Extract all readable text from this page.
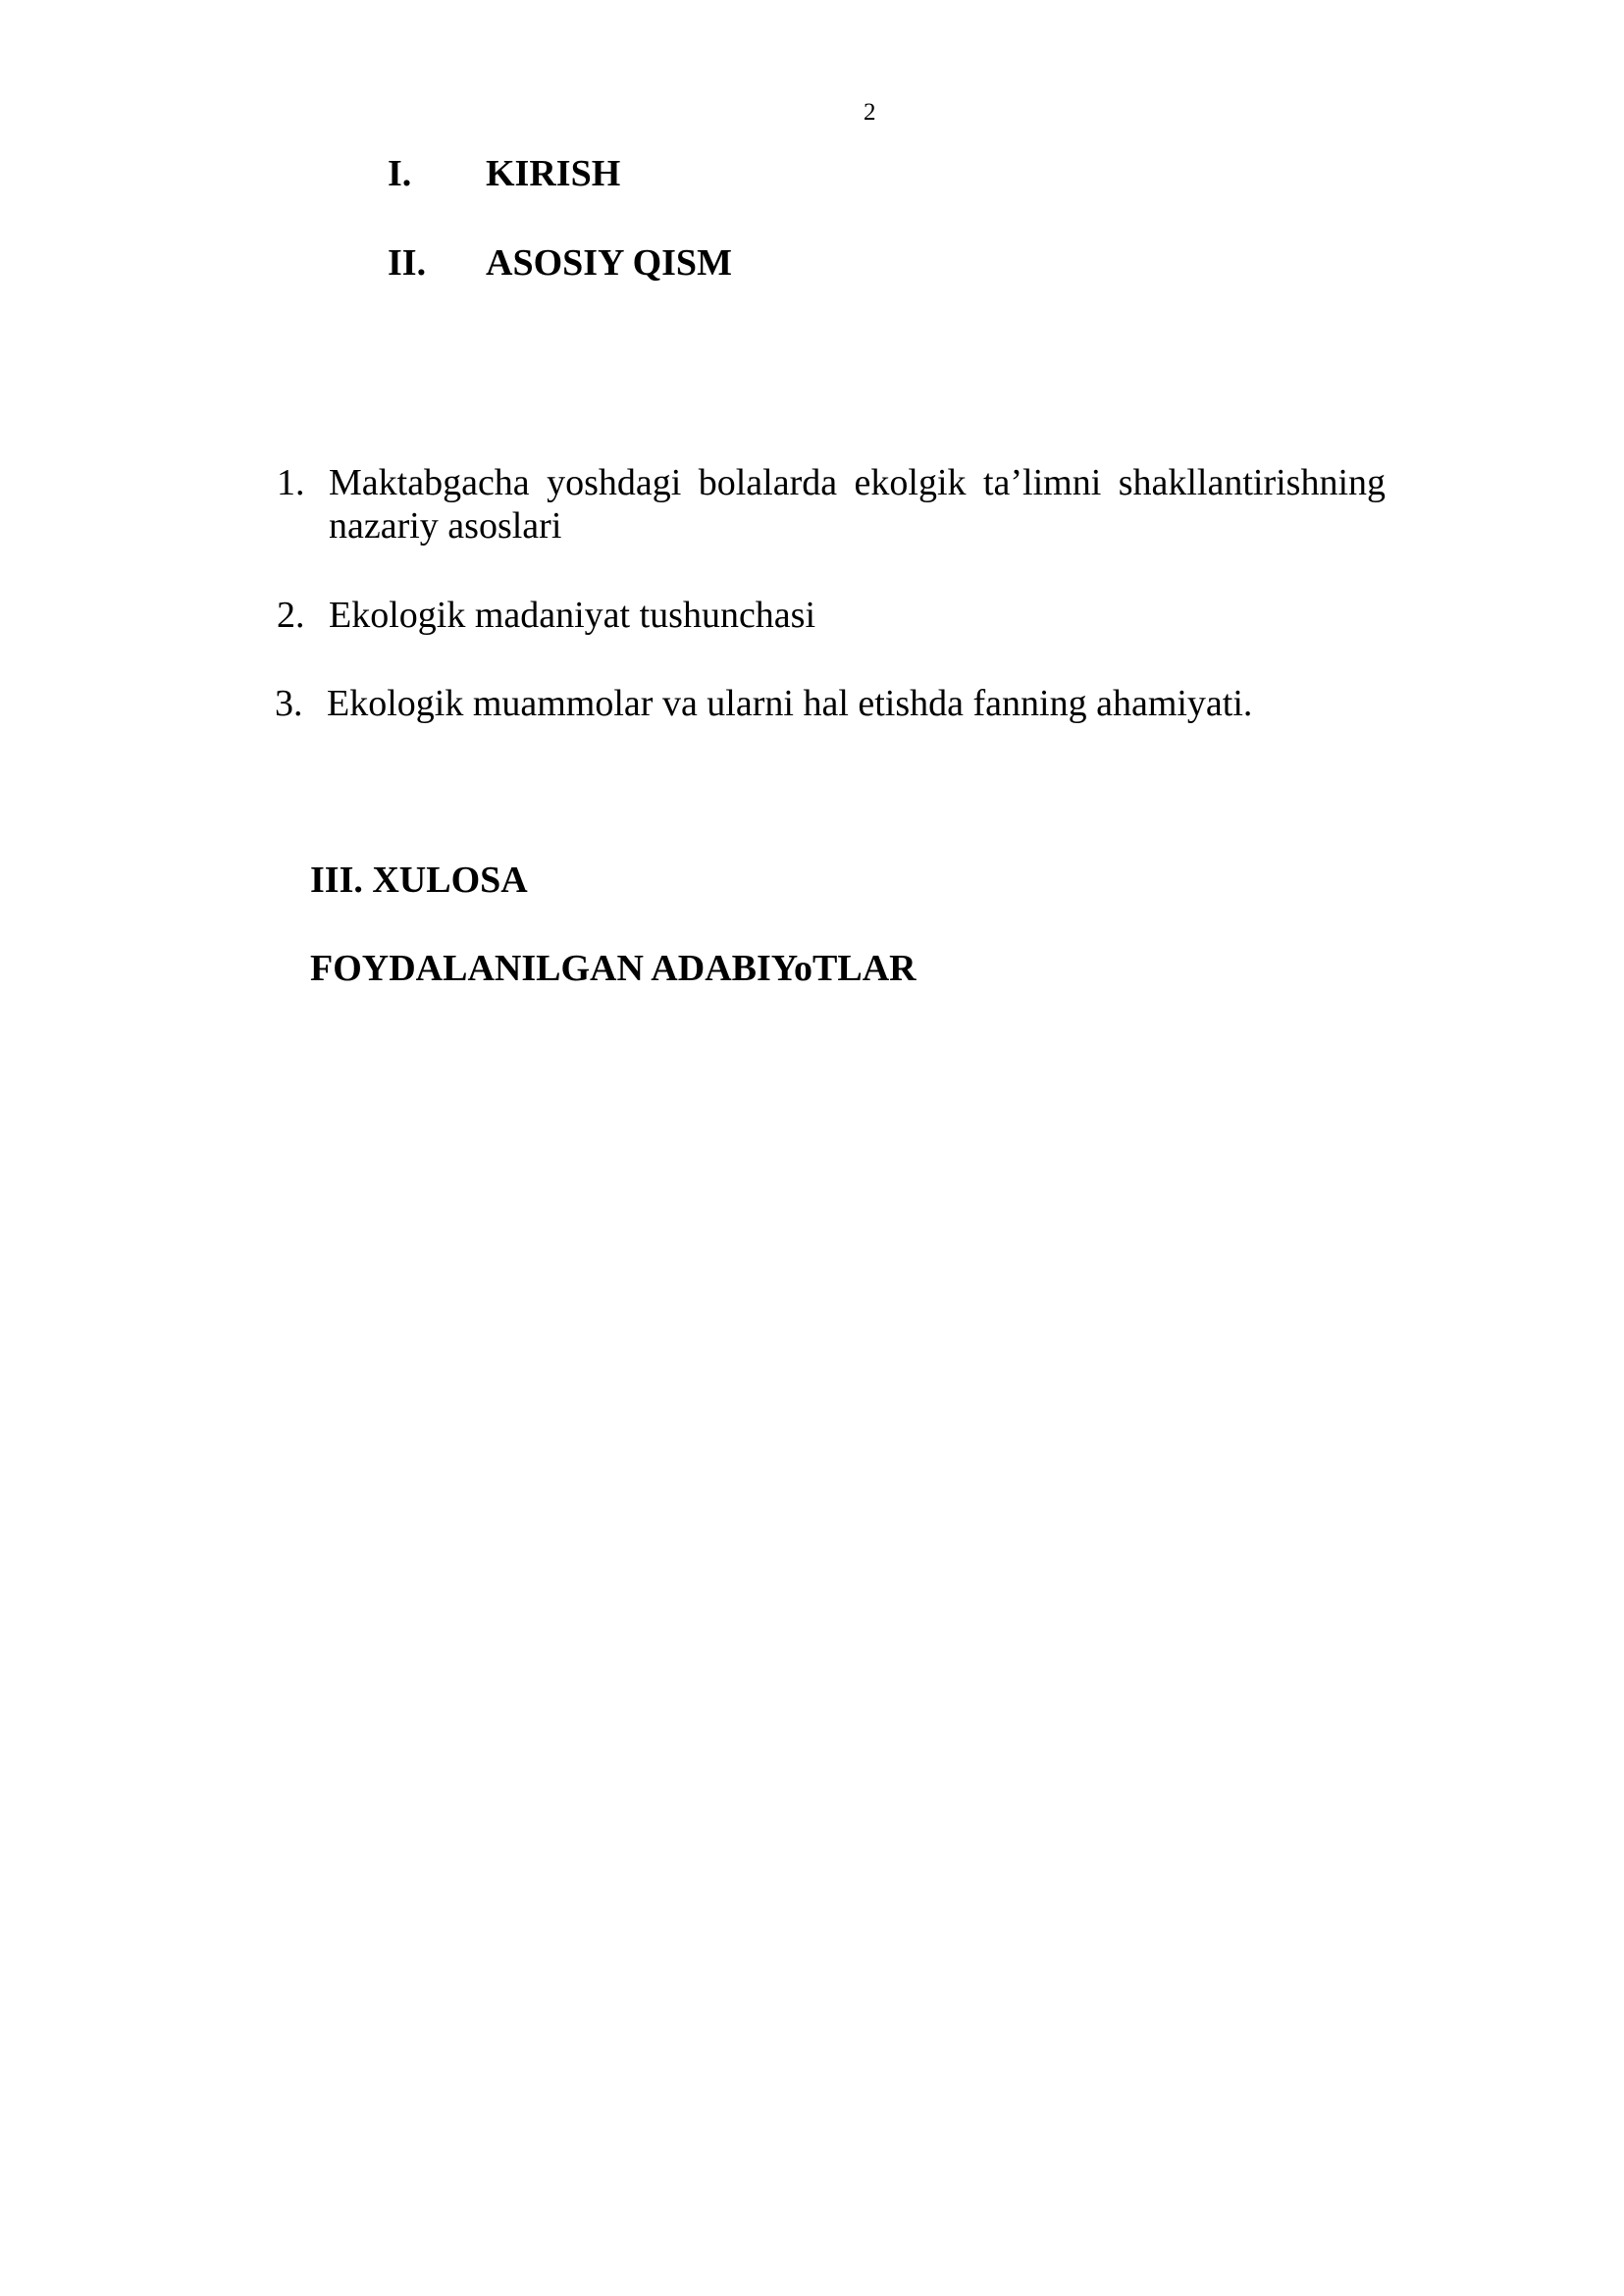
2
I. KIRISH
II. ASOSIY QISM
1. Maktabgacha yoshdagi bolalarda ekolgik ta’limni shakllantirishning nazariy asoslari
2. Ekologik madaniyat tushunchasi
3. Ekologik muammolar va ularni hal etishda fanning ahamiyati.
III. XULOSA
FOYDALANILGAN ADABIYoTLAR
